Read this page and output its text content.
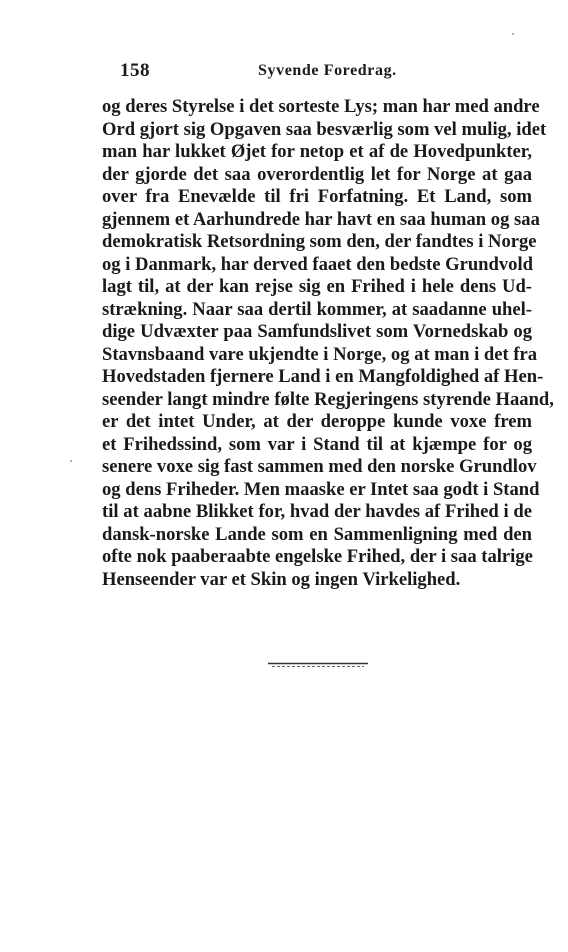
158	Syvende Foredrag.
og deres Styrelse i det sorteste Lys; man har med andre
Ord gjort sig Opgaven saa besværlig som vel mulig, idet
man har lukket Øjet for netop et af de Hovedpunkter,
der gjorde det saa overordentlig let for Norge at gaa
over fra Enevælde til fri Forfatning. Et Land, som
gjennem et Aarhundrede har havt en saa human og saa
demokratisk Retsordning som den, der fandtes i Norge
og i Danmark, har derved faaet den bedste Grundvold
lagt til, at der kan rejse sig en Frihed i hele dens Ud-
strækning. Naar saa dertil kommer, at saadanne uhel-
dige Udvæxter paa Samfundslivet som Vornedskab og
Stavnsbaand vare ukjendte i Norge, og at man i det fra
Hovedstaden fjernere Land i en Mangfoldighed af Hen-
seender langt mindre følte Regjeringens styrende Haand,
er det intet Under, at der deroppe kunde voxe frem
et Frihedssind, som var i Stand til at kjæmpe for og
senere voxe sig fast sammen med den norske Grundlov
og dens Friheder. Men maaske er Intet saa godt i Stand
til at aabne Blikket for, hvad der havdes af Frihed i de
dansk-norske Lande som en Sammenligning med den
ofte nok paaberaabte engelske Frihed, der i saa talrige
Henseender var et Skin og ingen Virkelighed.
